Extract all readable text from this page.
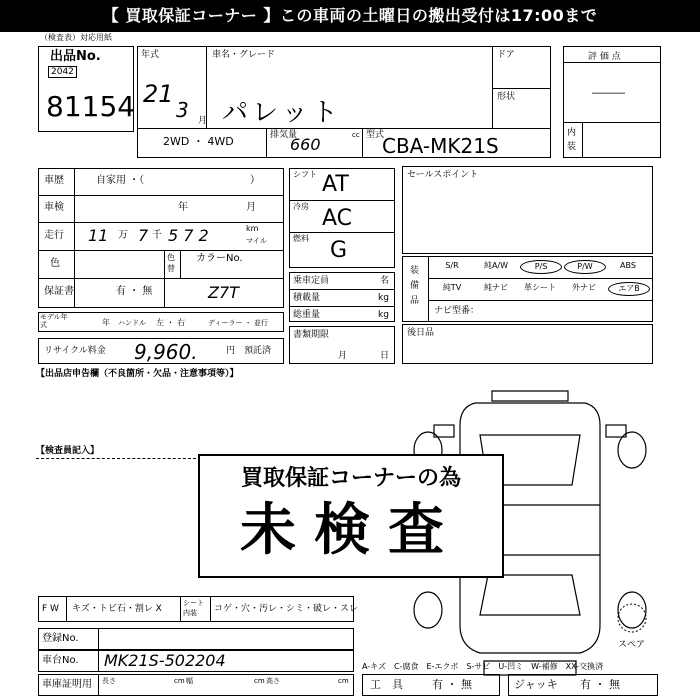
【 買取保証コーナー 】この車両の土曜日の搬出受付は17:00まで
（検査表）対応用紙
出品No.
2042
81154
年式
21
3 月
車名・グレード
パレット
ドア
形状
2WD ・ 4WD	排気量
660	cc 型式
CBA-MK21S
評 価 点
―――
内装
車歴	自家用 ・（	）
車検	年	月
走行 11 万 7 千 5 7 2	km
マイル
色
色替
カラーNo.
保証書	有 ・ 無	Z7T
モデル年式	年 ハンドル 左 ・ 右	ディーラー ・ 並行
リサイクル料金 9,960.	円 預託済
シフト AT
冷房 AC
燃料 G
乗車定員	名
積載量	kg
総重量	kg
書類期限
月	日
セールスポイント
装備品
S/R	純A/W	P/S	P/W	ABS
純TV	純ナビ	革シート	外ナビ	エアB
ナビ型番：
後日品
【出品店申告欄（不良箇所・欠品・注意事項等）】
【検査員記入】
スペア
買取保証コーナーの為
未検査
F W キズ・トビ石・割レ X
シート内装	コゲ・穴・汚レ・シミ・破レ・スレ
登録No.
車台No. MK21S-502204	A-キズ　C-腐食　E-エクボ　S-サビ　U-凹ミ　W-補修　XX-交換済
車庫証明用 長さ	cm 幅	cm 高さ	cm 工　具	有 ・ 無	ジャッキ 有 ・ 無
